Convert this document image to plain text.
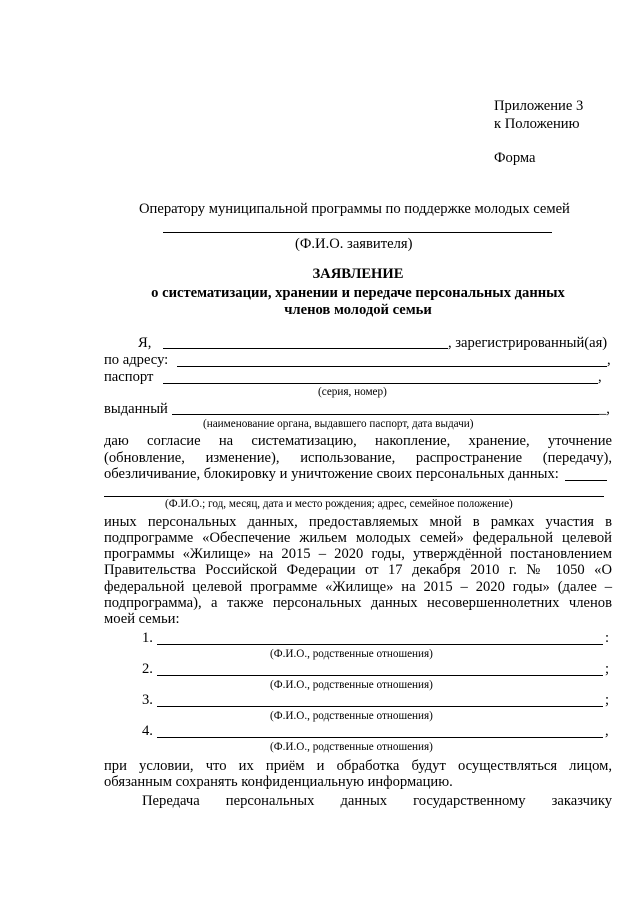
Приложение 3
к Положению
Форма
Оператору муниципальной программы по поддержке молодых семей
(Ф.И.О. заявителя)
ЗАЯВЛЕНИЕ
о систематизации, хранении и передаче персональных данных
членов молодой семьи
Я,	, зарегистрированный(ая)
по адресу:	,
паспорт	,
(серия, номер)
выданный	_,
(наименование органа, выдавшего паспорт, дата выдачи)
даю согласие на систематизацию, накопление, хранение, уточнение
(обновление, изменение), использование, распространение (передачу),
обезличивание, блокировку и уничтожение своих персональных данных:
(Ф.И.О.; год, месяц, дата и место рождения; адрес, семейное положение)
иных персональных данных, предоставляемых мной в рамках участия в
подпрограмме «Обеспечение жильем молодых семей» федеральной целевой
программы «Жилище» на 2015 – 2020 годы, утверждённой постановлением
Правительства Российской Федерации от 17 декабря 2010 г. № 1050 «О
федеральной целевой программе «Жилище» на 2015 – 2020 годы» (далее –
подпрограмма), а также персональных данных несовершеннолетних членов
моей семьи:
1.	:
(Ф.И.О., родственные отношения)
2.	;
(Ф.И.О., родственные отношения)
3.	;
(Ф.И.О., родственные отношения)
4.	,
(Ф.И.О., родственные отношения)
при условии, что их приём и обработка будут осуществляться лицом,
обязанным сохранять конфиденциальную информацию.
Передача персональных данных государственному заказчику
